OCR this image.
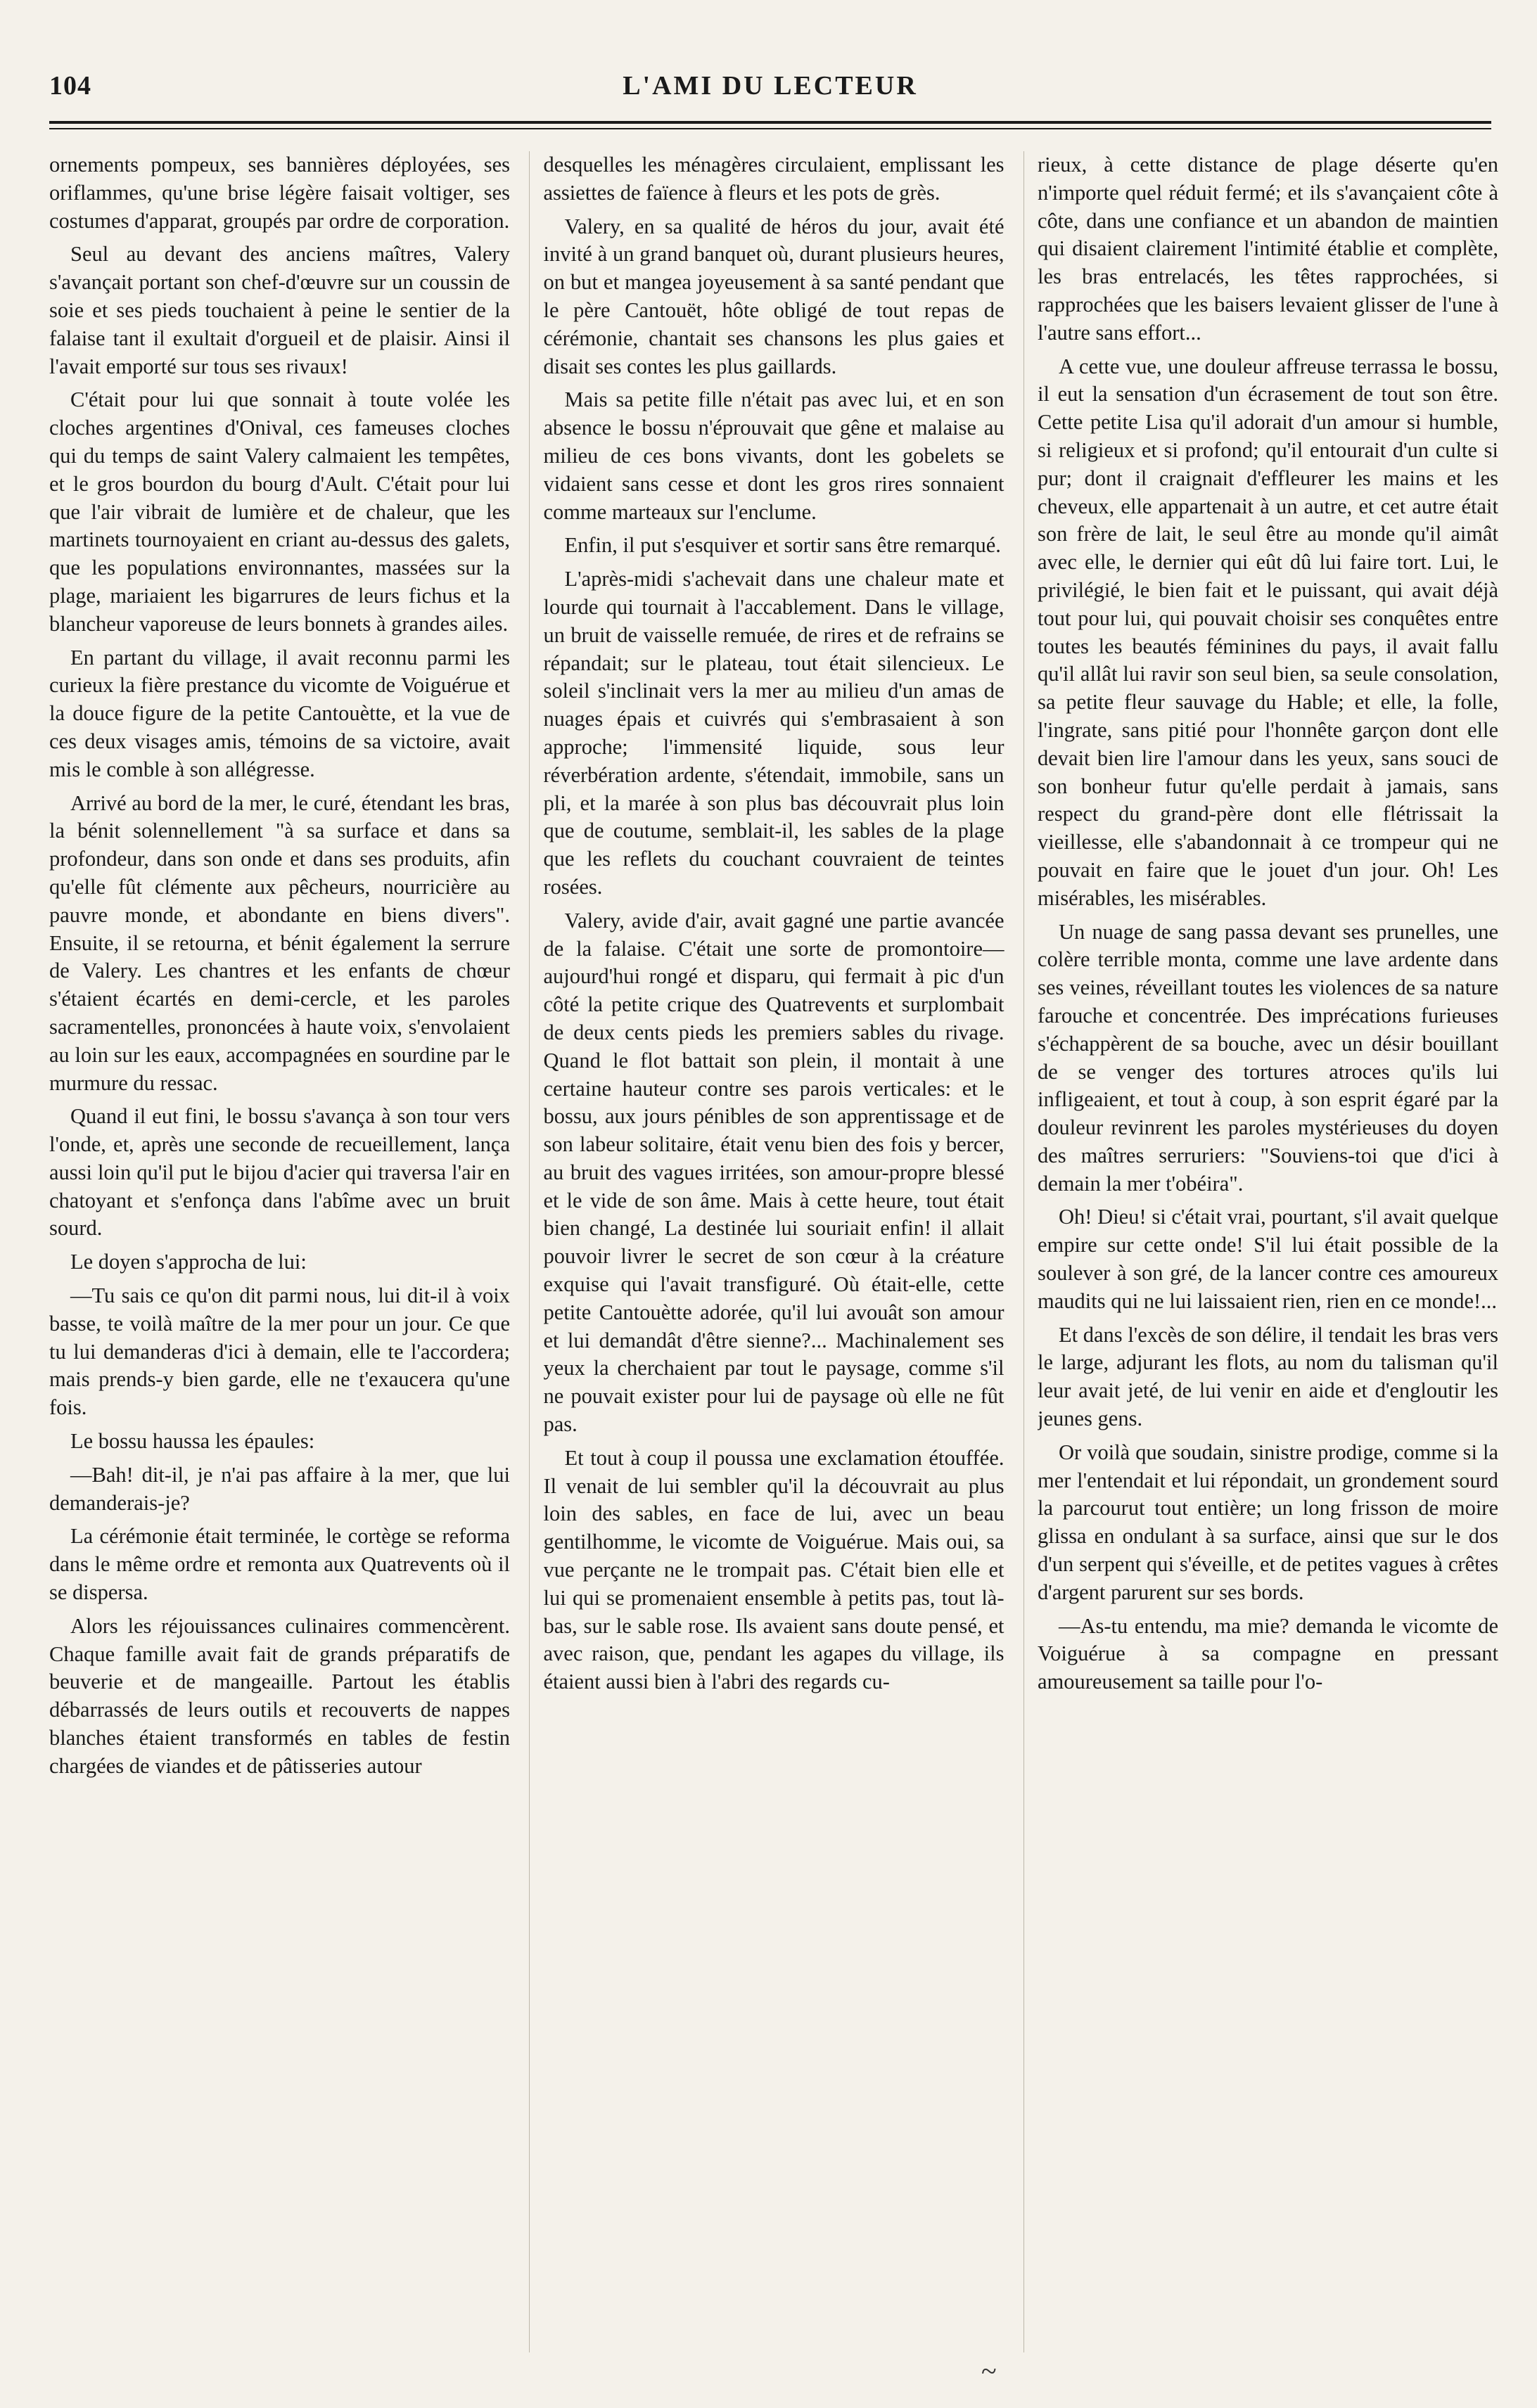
104	L'AMI DU LECTEUR

ornements pompeux, ses bannières déployées, ses oriflammes, qu'une brise légère faisait voltiger, ses costumes d'apparat, groupés par ordre de corporation.

Seul au devant des anciens maîtres, Valery s'avançait portant son chef-d'œuvre sur un coussin de soie et ses pieds touchaient à peine le sentier de la falaise tant il exultait d'orgueil et de plaisir. Ainsi il l'avait emporté sur tous ses rivaux!

C'était pour lui que sonnait à toute volée les cloches argentines d'Onival, ces fameuses cloches qui du temps de saint Valery calmaient les tempêtes, et le gros bourdon du bourg d'Ault. C'était pour lui que l'air vibrait de lumière et de chaleur, que les martinets tournoyaient en criant au-dessus des galets, que les populations environnantes, massées sur la plage, mariaient les bigarrures de leurs fichus et la blancheur vaporeuse de leurs bonnets à grandes ailes.

En partant du village, il avait reconnu parmi les curieux la fière prestance du vicomte de Voiguérue et la douce figure de la petite Cantouètte, et la vue de ces deux visages amis, témoins de sa victoire, avait mis le comble à son allégresse.

Arrivé au bord de la mer, le curé, étendant les bras, la bénit solennellement "à sa surface et dans sa profondeur, dans son onde et dans ses produits, afin qu'elle fût clémente aux pêcheurs, nourricière au pauvre monde, et abondante en biens divers". Ensuite, il se retourna, et bénit également la serrure de Valery. Les chantres et les enfants de chœur s'étaient écartés en demi-cercle, et les paroles sacramentelles, prononcées à haute voix, s'envolaient au loin sur les eaux, accompagnées en sourdine par le murmure du ressac.

Quand il eut fini, le bossu s'avança à son tour vers l'onde, et, après une seconde de recueillement, lança aussi loin qu'il put le bijou d'acier qui traversa l'air en chatoyant et s'enfonça dans l'abîme avec un bruit sourd.

Le doyen s'approcha de lui:

—Tu sais ce qu'on dit parmi nous, lui dit-il à voix basse, te voilà maître de la mer pour un jour. Ce que tu lui demanderas d'ici à demain, elle te l'accordera; mais prends-y bien garde, elle ne t'exaucera qu'une fois.

Le bossu haussa les épaules:

—Bah! dit-il, je n'ai pas affaire à la mer, que lui demanderais-je?

La cérémonie était terminée, le cortège se reforma dans le même ordre et remonta aux Quatrevents où il se dispersa.

Alors les réjouissances culinaires commencèrent. Chaque famille avait fait de grands préparatifs de beuverie et de mangeaille. Partout les établis débarrassés de leurs outils et recouverts de nappes blanches étaient transformés en tables de festin chargées de viandes et de pâtisseries autour

desquelles les ménagères circulaient, emplissant les assiettes de faïence à fleurs et les pots de grès.

Valery, en sa qualité de héros du jour, avait été invité à un grand banquet où, durant plusieurs heures, on but et mangea joyeusement à sa santé pendant que le père Cantouët, hôte obligé de tout repas de cérémonie, chantait ses chansons les plus gaies et disait ses contes les plus gaillards.

Mais sa petite fille n'était pas avec lui, et en son absence le bossu n'éprouvait que gêne et malaise au milieu de ces bons vivants, dont les gobelets se vidaient sans cesse et dont les gros rires sonnaient comme marteaux sur l'enclume.

Enfin, il put s'esquiver et sortir sans être remarqué.

L'après-midi s'achevait dans une chaleur mate et lourde qui tournait à l'accablement. Dans le village, un bruit de vaisselle remuée, de rires et de refrains se répandait; sur le plateau, tout était silencieux. Le soleil s'inclinait vers la mer au milieu d'un amas de nuages épais et cuivrés qui s'embrasaient à son approche; l'immensité liquide, sous leur réverbération ardente, s'étendait, immobile, sans un pli, et la marée à son plus bas découvrait plus loin que de coutume, semblait-il, les sables de la plage que les reflets du couchant couvraient de teintes rosées.

Valery, avide d'air, avait gagné une partie avancée de la falaise. C'était une sorte de promontoire—aujourd'hui rongé et disparu, qui fermait à pic d'un côté la petite crique des Quatrevents et surplombait de deux cents pieds les premiers sables du rivage. Quand le flot battait son plein, il montait à une certaine hauteur contre ses parois verticales: et le bossu, aux jours pénibles de son apprentissage et de son labeur solitaire, était venu bien des fois y bercer, au bruit des vagues irritées, son amour-propre blessé et le vide de son âme. Mais à cette heure, tout était bien changé, La destinée lui souriait enfin! il allait pouvoir livrer le secret de son cœur à la créature exquise qui l'avait transfiguré. Où était-elle, cette petite Cantouètte adorée, qu'il lui avouât son amour et lui demandât d'être sienne?... Machinalement ses yeux la cherchaient par tout le paysage, comme s'il ne pouvait exister pour lui de paysage où elle ne fût pas.

Et tout à coup il poussa une exclamation étouffée. Il venait de lui sembler qu'il la découvrait au plus loin des sables, en face de lui, avec un beau gentilhomme, le vicomte de Voiguérue. Mais oui, sa vue perçante ne le trompait pas. C'était bien elle et lui qui se promenaient ensemble à petits pas, tout là-bas, sur le sable rose. Ils avaient sans doute pensé, et avec raison, que, pendant les agapes du village, ils étaient aussi bien à l'abri des regards cu-

rieux, à cette distance de plage déserte qu'en n'importe quel réduit fermé; et ils s'avançaient côte à côte, dans une confiance et un abandon de maintien qui disaient clairement l'intimité établie et complète, les bras entrelacés, les têtes rapprochées, si rapprochées que les baisers levaient glisser de l'une à l'autre sans effort...

A cette vue, une douleur affreuse terrassa le bossu, il eut la sensation d'un écrasement de tout son être. Cette petite Lisa qu'il adorait d'un amour si humble, si religieux et si profond; qu'il entourait d'un culte si pur; dont il craignait d'effleurer les mains et les cheveux, elle appartenait à un autre, et cet autre était son frère de lait, le seul être au monde qu'il aimât avec elle, le dernier qui eût dû lui faire tort. Lui, le privilégié, le bien fait et le puissant, qui avait déjà tout pour lui, qui pouvait choisir ses conquêtes entre toutes les beautés féminines du pays, il avait fallu qu'il allât lui ravir son seul bien, sa seule consolation, sa petite fleur sauvage du Hable; et elle, la folle, l'ingrate, sans pitié pour l'honnête garçon dont elle devait bien lire l'amour dans les yeux, sans souci de son bonheur futur qu'elle perdait à jamais, sans respect du grand-père dont elle flétrissait la vieillesse, elle s'abandonnait à ce trompeur qui ne pouvait en faire que le jouet d'un jour. Oh! Les misérables, les misérables.

Un nuage de sang passa devant ses prunelles, une colère terrible monta, comme une lave ardente dans ses veines, réveillant toutes les violences de sa nature farouche et concentrée. Des imprécations furieuses s'échappèrent de sa bouche, avec un désir bouillant de se venger des tortures atroces qu'ils lui infligeaient, et tout à coup, à son esprit égaré par la douleur revinrent les paroles mystérieuses du doyen des maîtres serruriers: "Souviens-toi que d'ici à demain la mer t'obéira".

Oh! Dieu! si c'était vrai, pourtant, s'il avait quelque empire sur cette onde! S'il lui était possible de la soulever à son gré, de la lancer contre ces amoureux maudits qui ne lui laissaient rien, rien en ce monde!...

Et dans l'excès de son délire, il tendait les bras vers le large, adjurant les flots, au nom du talisman qu'il leur avait jeté, de lui venir en aide et d'engloutir les jeunes gens.

Or voilà que soudain, sinistre prodige, comme si la mer l'entendait et lui répondait, un grondement sourd la parcourut tout entière; un long frisson de moire glissa en ondulant à sa surface, ainsi que sur le dos d'un serpent qui s'éveille, et de petites vagues à crêtes d'argent parurent sur ses bords.

—As-tu entendu, ma mie? demanda le vicomte de Voiguérue à sa compagne en pressant amoureusement sa taille pour l'o-

~
